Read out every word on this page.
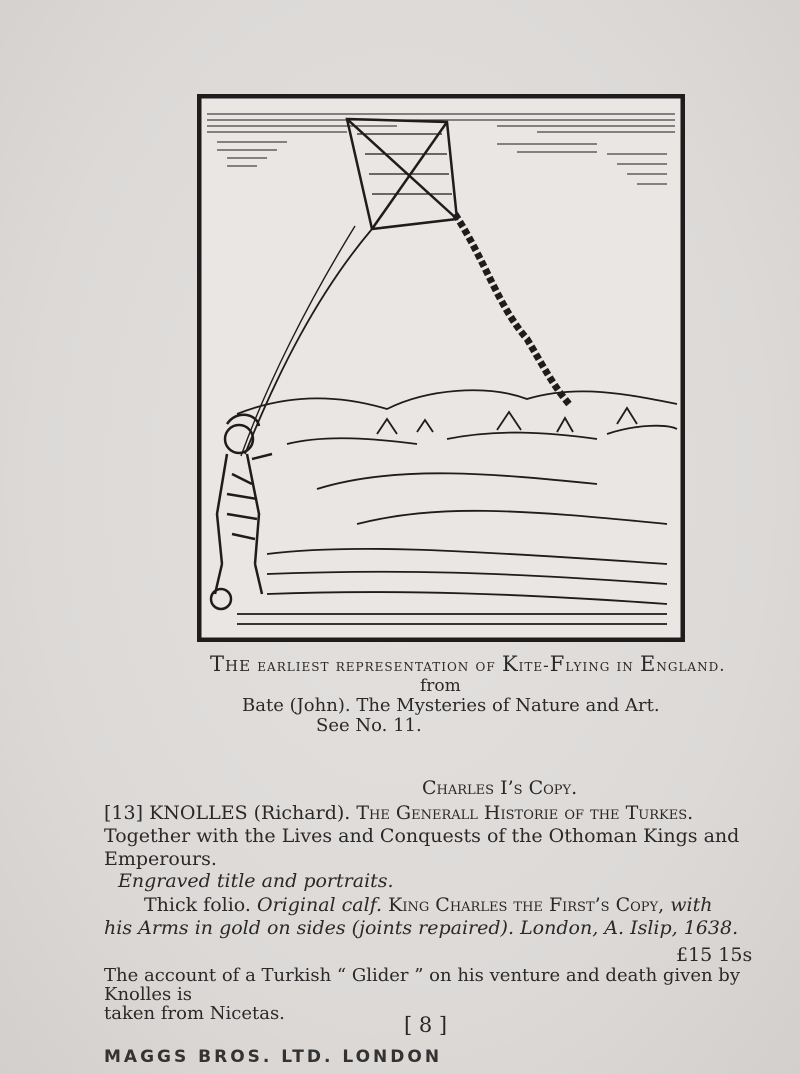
The earliest representation of Kite-Flying in England.
from
Bate (John). The Mysteries of Nature and Art.
See No. 11.
Charles I’s Copy.
[13] KNOLLES (Richard). The Generall Historie of the Turkes.
Together with the Lives and Conquests of the Othoman Kings and
Emperours.
Engraved title and portraits.
Thick folio. Original calf. King Charles the First’s Copy, with
his Arms in gold on sides (joints repaired). London, A. Islip, 1638.
£15 15s
The account of a Turkish “ Glider ” on his venture and death given by Knolles is
taken from Nicetas.	[ 8 ]
MAGGS BROS. LTD. LONDON
